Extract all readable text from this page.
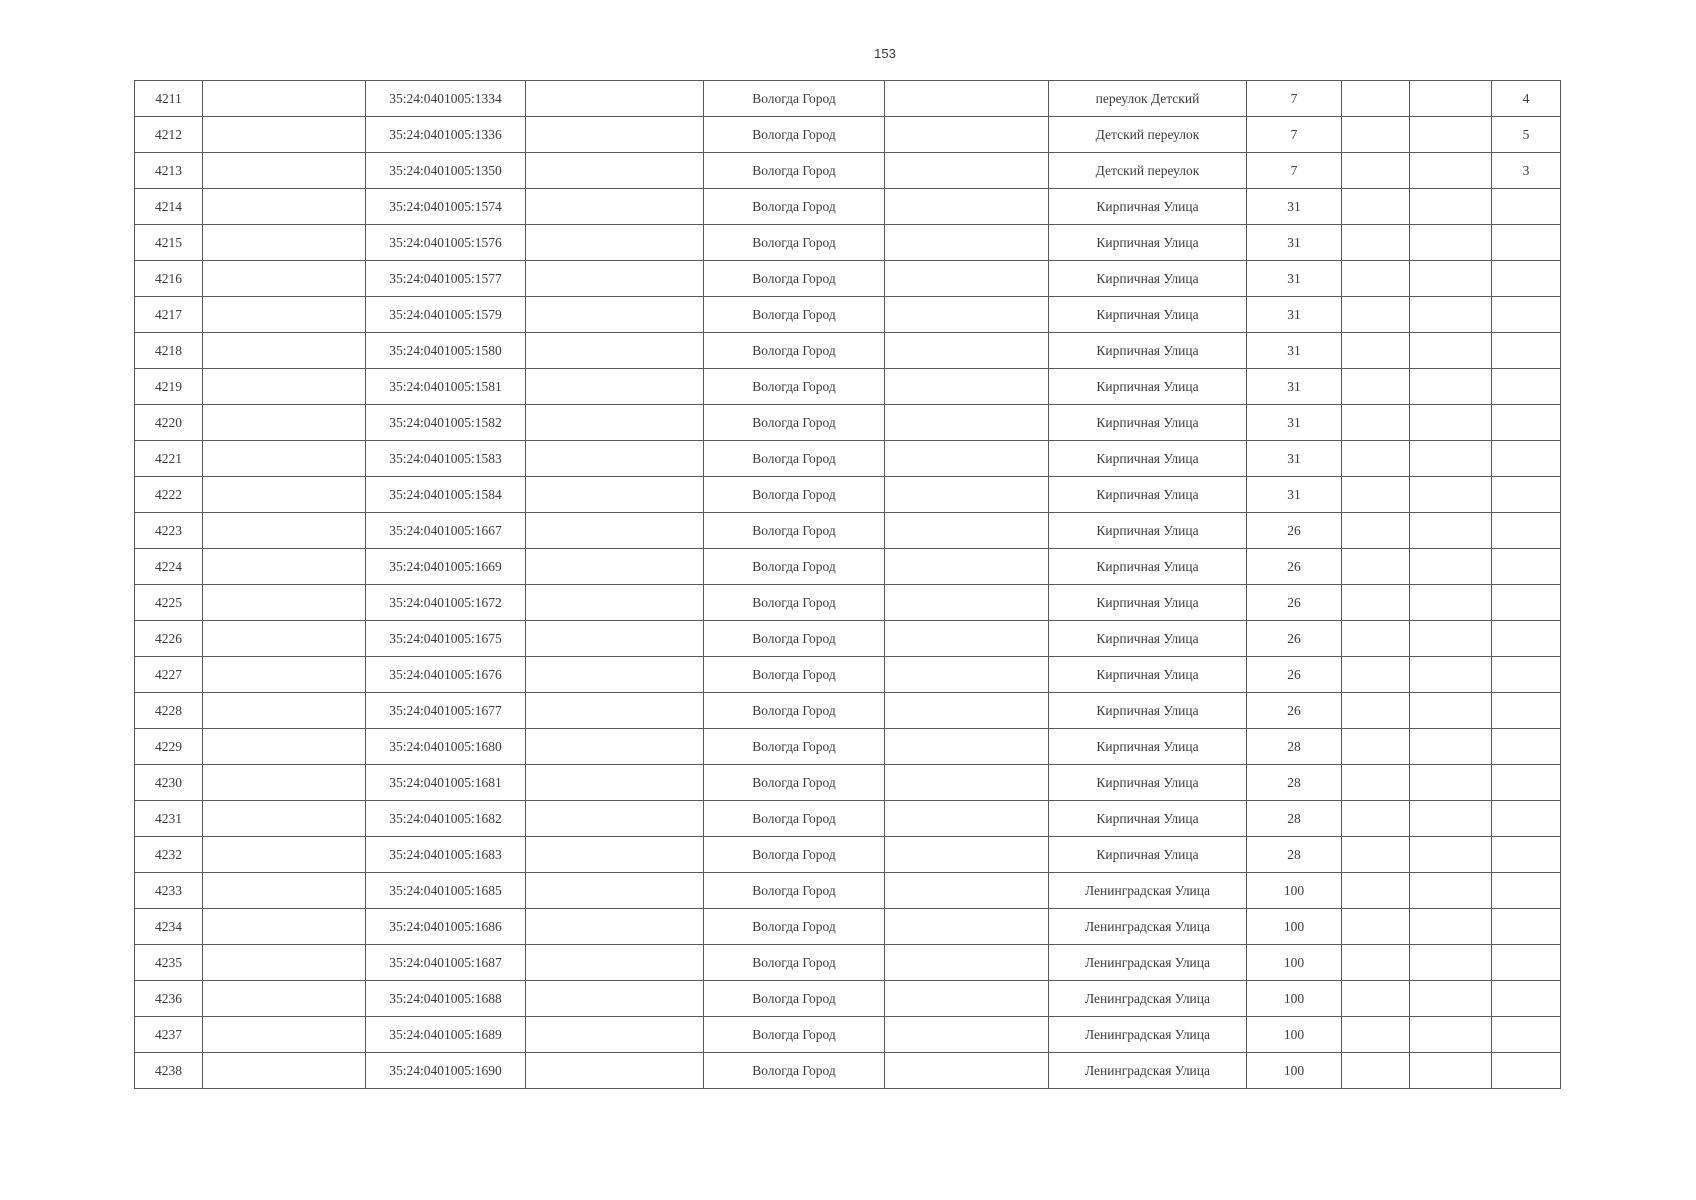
153
4211		35:24:0401005:1334		Вологда Город		переулок Детский	7			4
4212		35:24:0401005:1336		Вологда Город		Детский переулок	7			5
4213		35:24:0401005:1350		Вологда Город		Детский переулок	7			3
4214		35:24:0401005:1574		Вологда Город		Кирпичная Улица	31			
4215		35:24:0401005:1576		Вологда Город		Кирпичная Улица	31			
4216		35:24:0401005:1577		Вологда Город		Кирпичная Улица	31			
4217		35:24:0401005:1579		Вологда Город		Кирпичная Улица	31			
4218		35:24:0401005:1580		Вологда Город		Кирпичная Улица	31			
4219		35:24:0401005:1581		Вологда Город		Кирпичная Улица	31			
4220		35:24:0401005:1582		Вологда Город		Кирпичная Улица	31			
4221		35:24:0401005:1583		Вологда Город		Кирпичная Улица	31			
4222		35:24:0401005:1584		Вологда Город		Кирпичная Улица	31			
4223		35:24:0401005:1667		Вологда Город		Кирпичная Улица	26			
4224		35:24:0401005:1669		Вологда Город		Кирпичная Улица	26			
4225		35:24:0401005:1672		Вологда Город		Кирпичная Улица	26			
4226		35:24:0401005:1675		Вологда Город		Кирпичная Улица	26			
4227		35:24:0401005:1676		Вологда Город		Кирпичная Улица	26			
4228		35:24:0401005:1677		Вологда Город		Кирпичная Улица	26			
4229		35:24:0401005:1680		Вологда Город		Кирпичная Улица	28			
4230		35:24:0401005:1681		Вологда Город		Кирпичная Улица	28			
4231		35:24:0401005:1682		Вологда Город		Кирпичная Улица	28			
4232		35:24:0401005:1683		Вологда Город		Кирпичная Улица	28			
4233		35:24:0401005:1685		Вологда Город		Ленинградская Улица	100			
4234		35:24:0401005:1686		Вологда Город		Ленинградская Улица	100			
4235		35:24:0401005:1687		Вологда Город		Ленинградская Улица	100			
4236		35:24:0401005:1688		Вологда Город		Ленинградская Улица	100			
4237		35:24:0401005:1689		Вологда Город		Ленинградская Улица	100			
4238		35:24:0401005:1690		Вологда Город		Ленинградская Улица	100			
